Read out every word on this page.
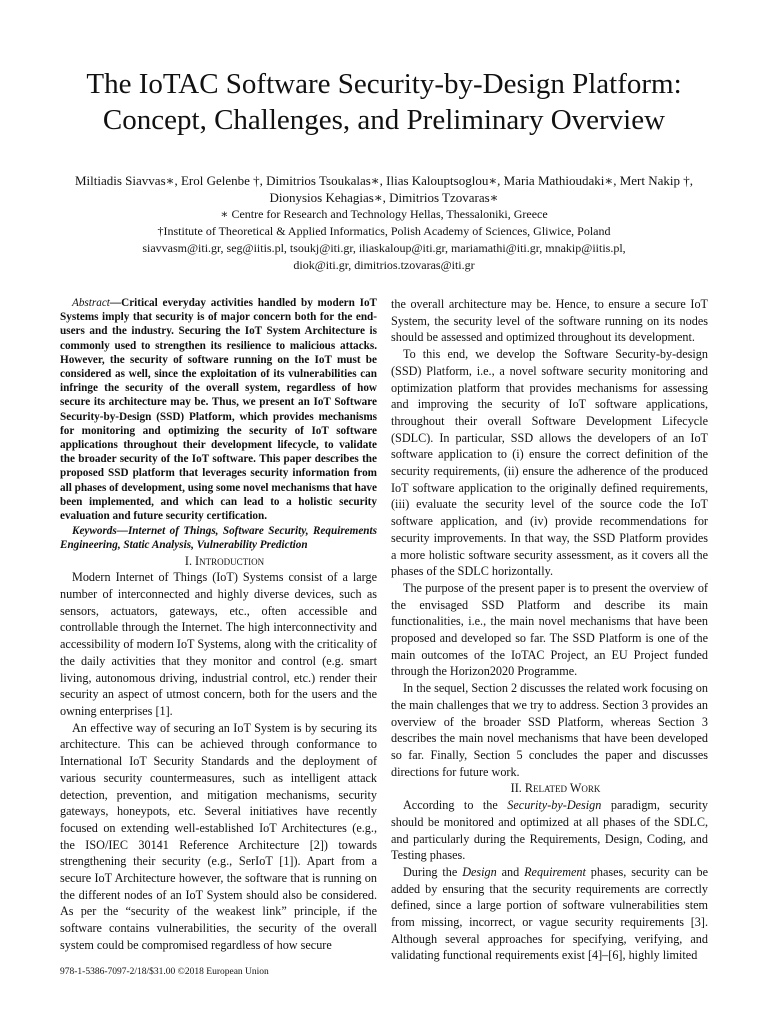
The IoTAC Software Security-by-Design Platform:
Concept, Challenges, and Preliminary Overview
Miltiadis Siavvas∗, Erol Gelenbe †, Dimitrios Tsoukalas∗, Ilias Kalouptsoglou∗, Maria Mathioudaki∗, Mert Nakip †,
Dionysios Kehagias∗, Dimitrios Tzovaras∗
∗ Centre for Research and Technology Hellas, Thessaloniki, Greece
†Institute of Theoretical & Applied Informatics, Polish Academy of Sciences, Gliwice, Poland
siavvasm@iti.gr, seg@iitis.pl, tsoukj@iti.gr, iliaskaloup@iti.gr, mariamathi@iti.gr, mnakip@iitis.pl,
diok@iti.gr, dimitrios.tzovaras@iti.gr

Abstract—Critical everyday activities handled by modern IoT Systems imply that security is of major concern both for the end-users and the industry. Securing the IoT System Architecture is commonly used to strengthen its resilience to malicious attacks. However, the security of software running on the IoT must be considered as well, since the exploitation of its vulnerabilities can infringe the security of the overall system, regardless of how secure its architecture may be. Thus, we present an IoT Software Security-by-Design (SSD) Platform, which provides mechanisms for monitoring and optimizing the security of IoT software applications throughout their development lifecycle, to validate the broader security of the IoT software. This paper describes the proposed SSD platform that leverages security information from all phases of development, using some novel mechanisms that have been implemented, and which can lead to a holistic security evaluation and future security certification.

Keywords—Internet of Things, Software Security, Requirements Engineering, Static Analysis, Vulnerability Prediction

I. Introduction

Modern Internet of Things (IoT) Systems consist of a large number of interconnected and highly diverse devices, such as sensors, actuators, gateways, etc., often accessible and controllable through the Internet. The high interconnectivity and accessibility of modern IoT Systems, along with the criticality of the daily activities that they monitor and control (e.g. smart living, autonomous driving, industrial control, etc.) render their security an aspect of utmost concern, both for the users and the owning enterprises [1].

An effective way of securing an IoT System is by securing its architecture. This can be achieved through conformance to International IoT Security Standards and the deployment of various security countermeasures, such as intelligent attack detection, prevention, and mitigation mechanisms, security gateways, honeypots, etc. Several initiatives have recently focused on extending well-established IoT Architectures (e.g., the ISO/IEC 30141 Reference Architecture [2]) towards strengthening their security (e.g., SerIoT [1]). Apart from a secure IoT Architecture however, the software that is running on the different nodes of an IoT System should also be considered. As per the “security of the weakest link” principle, if the software contains vulnerabilities, the security of the overall system could be compromised regardless of how secure

the overall architecture may be. Hence, to ensure a secure IoT System, the security level of the software running on its nodes should be assessed and optimized throughout its development.

To this end, we develop the Software Security-by-design (SSD) Platform, i.e., a novel software security monitoring and optimization platform that provides mechanisms for assessing and improving the security of IoT software applications, throughout their overall Software Development Lifecycle (SDLC). In particular, SSD allows the developers of an IoT software application to (i) ensure the correct definition of the security requirements, (ii) ensure the adherence of the produced IoT software application to the originally defined requirements, (iii) evaluate the security level of the source code the IoT software application, and (iv) provide recommendations for security improvements. In that way, the SSD Platform provides a more holistic software security assessment, as it covers all the phases of the SDLC horizontally.

The purpose of the present paper is to present the overview of the envisaged SSD Platform and describe its main functionalities, i.e., the main novel mechanisms that have been proposed and developed so far. The SSD Platform is one of the main outcomes of the IoTAC Project, an EU Project funded through the Horizon2020 Programme.

In the sequel, Section 2 discusses the related work focusing on the main challenges that we try to address. Section 3 provides an overview of the broader SSD Platform, whereas Section 3 describes the main novel mechanisms that have been developed so far. Finally, Section 5 concludes the paper and discusses directions for future work.

II. Related Work

According to the Security-by-Design paradigm, security should be monitored and optimized at all phases of the SDLC, and particularly during the Requirements, Design, Coding, and Testing phases.

During the Design and Requirement phases, security can be added by ensuring that the security requirements are correctly defined, since a large portion of software vulnerabilities stem from missing, incorrect, or vague security requirements [3]. Although several approaches for specifying, verifying, and validating functional requirements exist [4]–[6], highly limited

978-1-5386-7097-2/18/$31.00 ©2018 European Union
